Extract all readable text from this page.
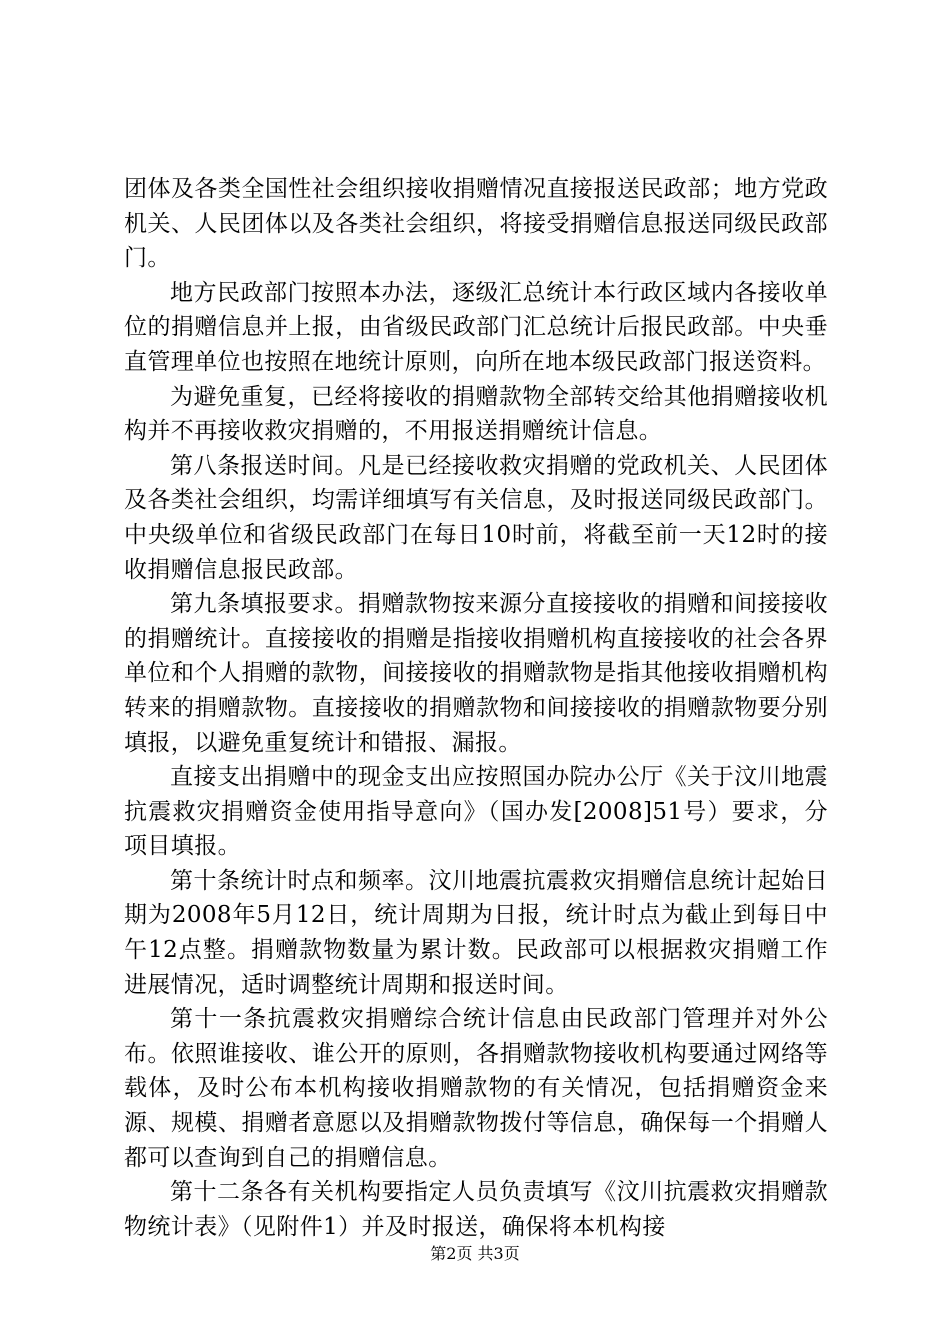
团体及各类全国性社会组织接收捐赠情况直接报送民政部；地方党政机关、人民团体以及各类社会组织，将接受捐赠信息报送同级民政部门。

地方民政部门按照本办法，逐级汇总统计本行政区域内各接收单位的捐赠信息并上报，由省级民政部门汇总统计后报民政部。中央垂直管理单位也按照在地统计原则，向所在地本级民政部门报送资料。

为避免重复，已经将接收的捐赠款物全部转交给其他捐赠接收机构并不再接收救灾捐赠的，不用报送捐赠统计信息。

第八条报送时间。凡是已经接收救灾捐赠的党政机关、人民团体及各类社会组织，均需详细填写有关信息，及时报送同级民政部门。中央级单位和省级民政部门在每日10时前，将截至前一天12时的接收捐赠信息报民政部。

第九条填报要求。捐赠款物按来源分直接接收的捐赠和间接接收的捐赠统计。直接接收的捐赠是指接收捐赠机构直接接收的社会各界单位和个人捐赠的款物，间接接收的捐赠款物是指其他接收捐赠机构转来的捐赠款物。直接接收的捐赠款物和间接接收的捐赠款物要分别填报，以避免重复统计和错报、漏报。

直接支出捐赠中的现金支出应按照国办院办公厅《关于汶川地震抗震救灾捐赠资金使用指导意向》（国办发[2008]51号）要求，分项目填报。

第十条统计时点和频率。汶川地震抗震救灾捐赠信息统计起始日期为2008年5月12日，统计周期为日报，统计时点为截止到每日中午12点整。捐赠款物数量为累计数。民政部可以根据救灾捐赠工作进展情况，适时调整统计周期和报送时间。

第十一条抗震救灾捐赠综合统计信息由民政部门管理并对外公布。依照谁接收、谁公开的原则，各捐赠款物接收机构要通过网络等载体，及时公布本机构接收捐赠款物的有关情况，包括捐赠资金来源、规模、捐赠者意愿以及捐赠款物拨付等信息，确保每一个捐赠人都可以查询到自己的捐赠信息。

第十二条各有关机构要指定人员负责填写《汶川抗震救灾捐赠款物统计表》（见附件1）并及时报送，确保将本机构接

第2页 共3页
